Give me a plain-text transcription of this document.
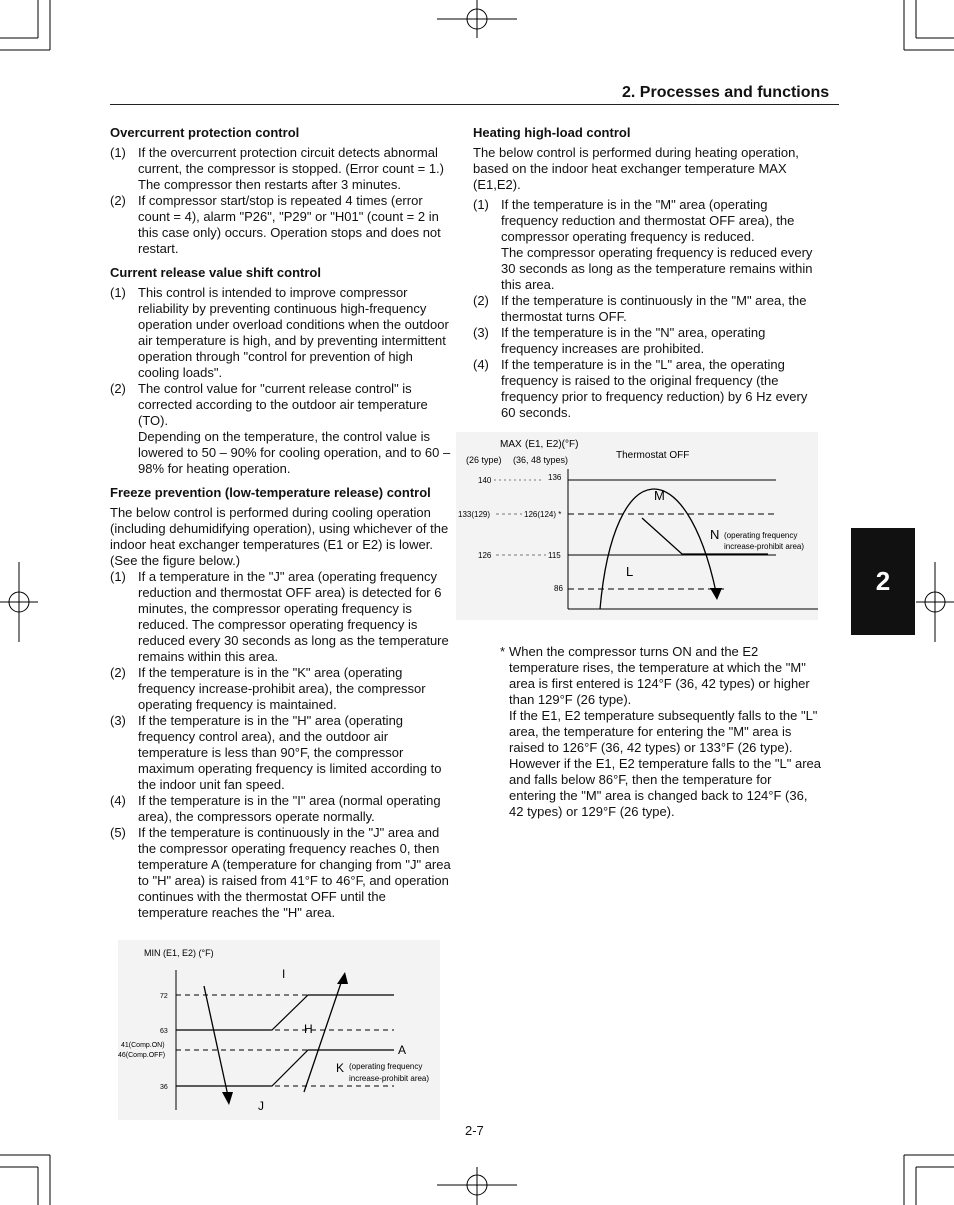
2. Processes and functions
Overcurrent protection control
(1) If the overcurrent protection circuit detects abnormal current, the compressor is stopped. (Error count = 1.) The compressor then restarts after 3 minutes.
(2) If compressor start/stop is repeated 4 times (error count = 4), alarm "P26", "P29" or "H01" (count = 2 in this case only) occurs. Operation stops and does not restart.
Current release value shift control
(1) This control is intended to improve compressor reliability by preventing continuous high-frequency operation under overload conditions when the outdoor air temperature is high, and by preventing intermittent operation through "control for prevention of high cooling loads".
(2) The control value for "current release control" is corrected according to the outdoor air temperature (TO).
Depending on the temperature, the control value is lowered to 50 – 90% for cooling operation, and to 60 – 98% for heating operation.
Freeze prevention (low-temperature release) control
The below control is performed during cooling operation (including dehumidifying operation), using whichever of the indoor heat exchanger temperatures (E1 or E2) is lower. (See the figure below.)
(1) If a temperature in the "J" area (operating frequency reduction and thermostat OFF area) is detected for 6 minutes, the compressor operating frequency is reduced. The compressor operating frequency is reduced every 30 seconds as long as the temperature remains within this area.
(2) If the temperature is in the "K" area (operating frequency increase-prohibit area), the compressor operating frequency is maintained.
(3) If the temperature is in the "H" area (operating frequency control area), and the outdoor air temperature is less than 90°F, the compressor maximum operating frequency is limited according to the indoor unit fan speed.
(4) If the temperature is in the "I" area (normal operating area), the compressors operate normally.
(5) If the temperature is continuously in the "J" area and the compressor operating frequency reaches 0, then temperature A (temperature for changing from "J" area to "H" area) is raised from 41°F to 46°F, and operation continues with the thermostat OFF until the temperature reaches the "H" area.
Heating high-load control
The below control is performed during heating operation, based on the indoor heat exchanger temperature MAX (E1,E2).
(1) If the temperature is in the "M" area (operating frequency reduction and thermostat OFF area), the compressor operating frequency is reduced.
The compressor operating frequency is reduced every 30 seconds as long as the temperature remains within this area.
(2) If the temperature is continuously in the "M" area, the thermostat turns OFF.
(3) If the temperature is in the "N" area, operating frequency increases are prohibited.
(4) If the temperature is in the "L" area, the operating frequency is raised to the original frequency (the frequency prior to frequency reduction) by 6 Hz every 60 seconds.
MAX (E1, E2)(°F)
(26 type) (36, 48 types)	Thermostat OFF
140
133(129)
126
136
126(124) *
115
86
M
N (operating frequency
increase-prohibit area)
L
* When the compressor turns ON and the E2 temperature rises, the temperature at which the "M" area is first entered is 124°F (36, 42 types) or higher than 129°F (26 type).
If the E1, E2 temperature subsequently falls to the "L" area, the temperature for entering the "M" area is raised to 126°F (36, 42 types) or 133°F (26 type).
However if the E1, E2 temperature falls to the "L" area and falls below 86°F, then the temperature for entering the "M" area is changed back to 124°F (36, 42 types) or 129°F (26 type).
MIN (E1, E2) (°F)
72
63
41(Comp.ON)
46(Comp.OFF)
36
I
H
A
K (operating frequency
increase-prohibit area)
J
2
2-7
